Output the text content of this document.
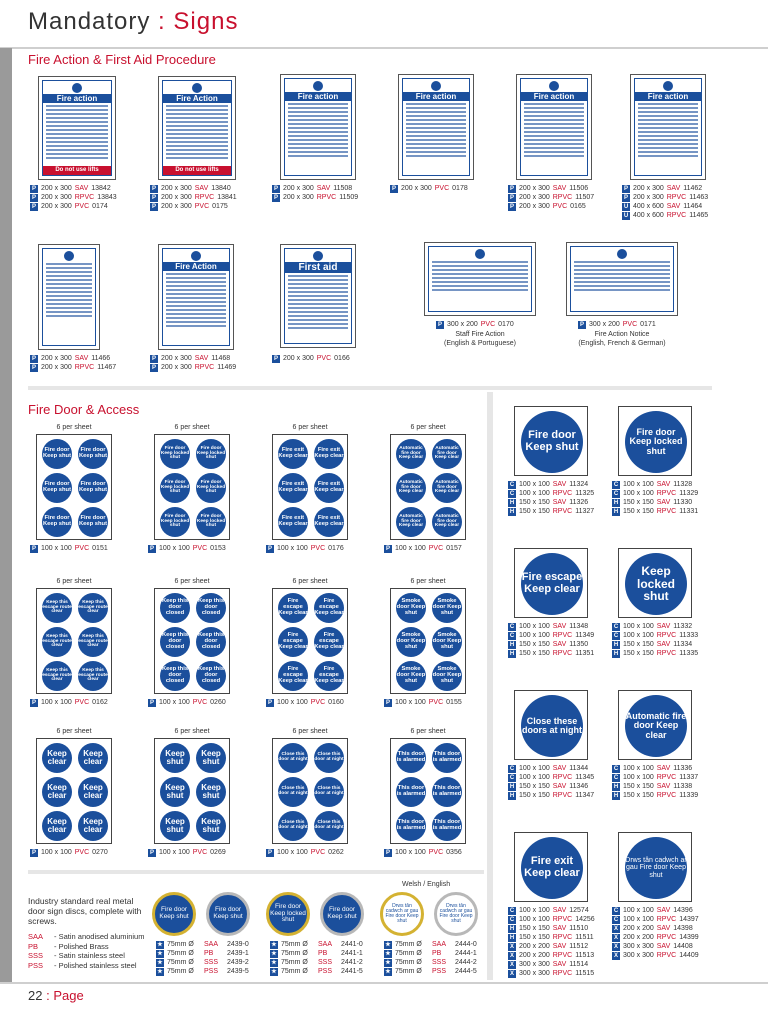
Mandatory : Signs
Fire Action & First Aid Procedure
Fire Door & Access
Fire action
Do not use lifts
P 200 x 300 SAV 13842
P 200 x 300 RPVC 13843
P 200 x 300 PVC 0174
Fire Action
Do not use lifts
P 200 x 300 SAV 13840
P 200 x 300 RPVC 13841
P 200 x 300 PVC 0175
Fire action
P 200 x 300 SAV 11508
P 200 x 300 RPVC 11509
Fire action
P 200 x 300 PVC 0178
Fire action
P 200 x 300 SAV 11506
P 200 x 300 RPVC 11507
P 200 x 300 PVC 0165
Fire action
P 200 x 300 SAV 11462
P 200 x 300 RPVC 11463
U 400 x 600 SAV 11464
U 400 x 600 RPVC 11465
P 200 x 300 SAV 11466
P 200 x 300 RPVC 11467
Fire Action
P 200 x 300 SAV 11468
P 200 x 300 RPVC 11469
First aid
P 200 x 300 PVC 0166
P 300 x 200 PVC 0170
Staff Fire Action
(English & Portuguese)
P 300 x 200 PVC 0171
Fire Action Notice
(English, French & German)
6 per sheet
Fire door Keep shut
Fire door Keep shut
Fire door Keep shut
Fire door Keep shut
Fire door Keep shut
Fire door Keep shut
P 100 x 100 PVC 0151
6 per sheet
Fire door Keep locked shut
Fire door Keep locked shut
Fire door Keep locked shut
Fire door Keep locked shut
Fire door Keep locked shut
Fire door Keep locked shut
P 100 x 100 PVC 0153
6 per sheet
Fire exit Keep clear
Fire exit Keep clear
Fire exit Keep clear
Fire exit Keep clear
Fire exit Keep clear
Fire exit Keep clear
P 100 x 100 PVC 0176
6 per sheet
Automatic fire door Keep clear
Automatic fire door Keep clear
Automatic fire door Keep clear
Automatic fire door Keep clear
Automatic fire door Keep clear
Automatic fire door Keep clear
P 100 x 100 PVC 0157
6 per sheet
Keep this escape route clear
Keep this escape route clear
Keep this escape route clear
Keep this escape route clear
Keep this escape route clear
Keep this escape route clear
P 100 x 100 PVC 0162
6 per sheet
Keep this door closed
Keep this door closed
Keep this door closed
Keep this door closed
Keep this door closed
Keep this door closed
P 100 x 100 PVC 0260
6 per sheet
Fire escape Keep clear
Fire escape Keep clear
Fire escape Keep clear
Fire escape Keep clear
Fire escape Keep clear
Fire escape Keep clear
P 100 x 100 PVC 0160
6 per sheet
Smoke door Keep shut
Smoke door Keep shut
Smoke door Keep shut
Smoke door Keep shut
Smoke door Keep shut
Smoke door Keep shut
P 100 x 100 PVC 0155
6 per sheet
Keep clear
Keep clear
Keep clear
Keep clear
Keep clear
Keep clear
P 100 x 100 PVC 0270
6 per sheet
Keep shut
Keep shut
Keep shut
Keep shut
Keep shut
Keep shut
P 100 x 100 PVC 0269
6 per sheet
Close this door at night
Close this door at night
Close this door at night
Close this door at night
Close this door at night
Close this door at night
P 100 x 100 PVC 0262
6 per sheet
This door is alarmed
This door is alarmed
This door is alarmed
This door is alarmed
This door is alarmed
This door is alarmed
P 100 x 100 PVC 0356
Fire door Keep shut
C 100 x 100 SAV 11324
C 100 x 100 RPVC 11325
H 150 x 150 SAV 11326
H 150 x 150 RPVC 11327
Fire door Keep locked shut
C 100 x 100 SAV 11328
C 100 x 100 RPVC 11329
H 150 x 150 SAV 11330
H 150 x 150 RPVC 11331
Fire escape Keep clear
C 100 x 100 SAV 11348
C 100 x 100 RPVC 11349
H 150 x 150 SAV 11350
H 150 x 150 RPVC 11351
Keep locked shut
C 100 x 100 SAV 11332
C 100 x 100 RPVC 11333
H 150 x 150 SAV 11334
H 150 x 150 RPVC 11335
Close these doors at night
C 100 x 100 SAV 11344
C 100 x 100 RPVC 11345
H 150 x 150 SAV 11346
H 150 x 150 RPVC 11347
Automatic fire door Keep clear
C 100 x 100 SAV 11336
C 100 x 100 RPVC 11337
H 150 x 150 SAV 11338
H 150 x 150 RPVC 11339
Fire exit Keep clear
C 100 x 100 SAV 12574
C 100 x 100 RPVC 14256
H 150 x 150 SAV 11510
H 150 x 150 RPVC 11511
X 200 x 200 SAV 11512
X 200 x 200 RPVC 11513
X 300 x 300 SAV 11514
X 300 x 300 RPVC 11515
Drws tân cadwch ar gau Fire door Keep shut
C 100 x 100 SAV 14396
C 100 x 100 RPVC 14397
X 200 x 200 SAV 14398
X 200 x 200 RPVC 14399
X 300 x 300 SAV 14408
X 300 x 300 RPVC 14409
Industry standard real metal door sign discs, complete with screws.
SAA - Satin anodised aluminium
PB - Polished Brass
SSS - Satin stainless steel
PSS - Polished stainless steel
Welsh / English
Fire door Keep shut
Fire door Keep shut
Fire door Keep locked shut
Fire door Keep shut
Drws tân cadwch ar gau Fire door Keep shut
Drws tân cadwch ar gau Fire door Keep shut
★ 75mm Ø	SAA	2439-0
★ 75mm Ø	PB	2439-1
★ 75mm Ø	SSS	2439-2
★ 75mm Ø	PSS	2439-5
★ 75mm Ø	SAA	2441-0
★ 75mm Ø	PB	2441-1
★ 75mm Ø	SSS	2441-2
★ 75mm Ø	PSS	2441-5
★ 75mm Ø	SAA	2444-0
★ 75mm Ø	PB	2444-1
★ 75mm Ø	SSS	2444-2
★ 75mm Ø	PSS	2444-5
22 : Page
